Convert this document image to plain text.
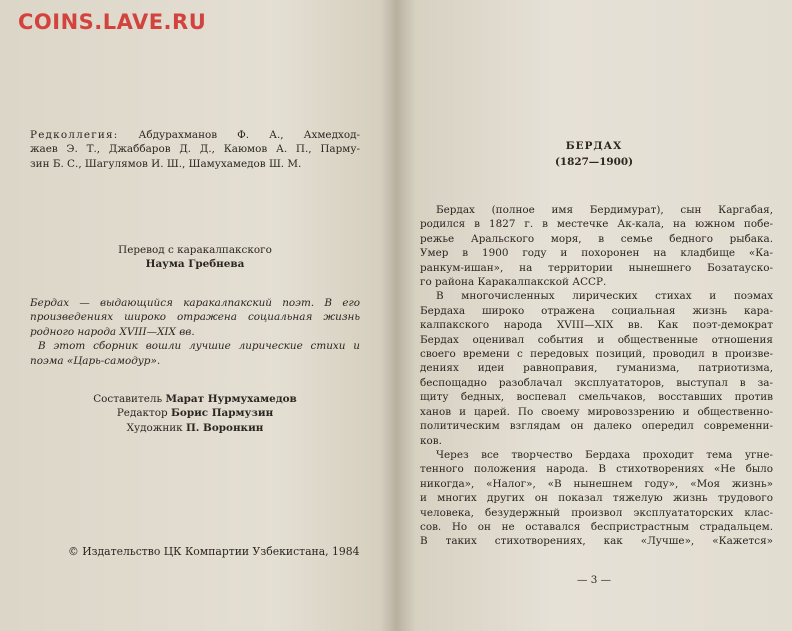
COINS.LAVE.RU
Редколлегия: Абдурахманов Ф. А., Ахмедход-
жаев Э. Т., Джаббаров Д. Д., Каюмов А. П., Парму-
зин Б. С., Шагулямов И. Ш., Шамухамедов Ш. М.
Перевод с каракалпакского
Наума Гребнева
Бердах — выдающийся каракалпакский поэт. В его
произведениях широко отражена социальная жизнь
родного народа XVIII—XIX вв.
В этот сборник вошли лучшие лирические стихи и
поэма «Царь-самодур».
Составитель Марат Нурмухамедов
Редактор Борис Пармузин
Художник П. Воронкин
© Издательство ЦК Компартии Узбекистана, 1984
БЕРДАХ
(1827—1900)
Бердах (полное имя Бердимурат), сын Каргабая,
родился в 1827 г. в местечке Ак-кала, на южном побе-
режье Аральского моря, в семье бедного рыбака.
Умер в 1900 году и похоронен на кладбище «Ка-
ранкум-ишан», на территории нынешнего Бозатауско-
го района Каракалпакской АССР.
В многочисленных лирических стихах и поэмах
Бердаха широко отражена социальная жизнь кара-
калпакского народа XVIII—XIX вв. Как поэт-демократ
Бердах оценивал события и общественные отношения
своего времени с передовых позиций, проводил в произве-
дениях идеи равноправия, гуманизма, патриотизма,
беспощадно разоблачал эксплуататоров, выступал в за-
щиту бедных, воспевал смельчаков, восставших против
ханов и царей. По своему мировоззрению и общественно-
политическим взглядам он далеко опередил современни-
ков.
Через все творчество Бердаха проходит тема угне-
тенного положения народа. В стихотворениях «Не было
никогда», «Налог», «В нынешнем году», «Моя жизнь»
и многих других он показал тяжелую жизнь трудового
человека, безудержный произвол эксплуататорских клас-
сов. Но он не оставался беспристрастным страдальцем.
В таких стихотворениях, как «Лучше», «Кажется»
— 3 —
